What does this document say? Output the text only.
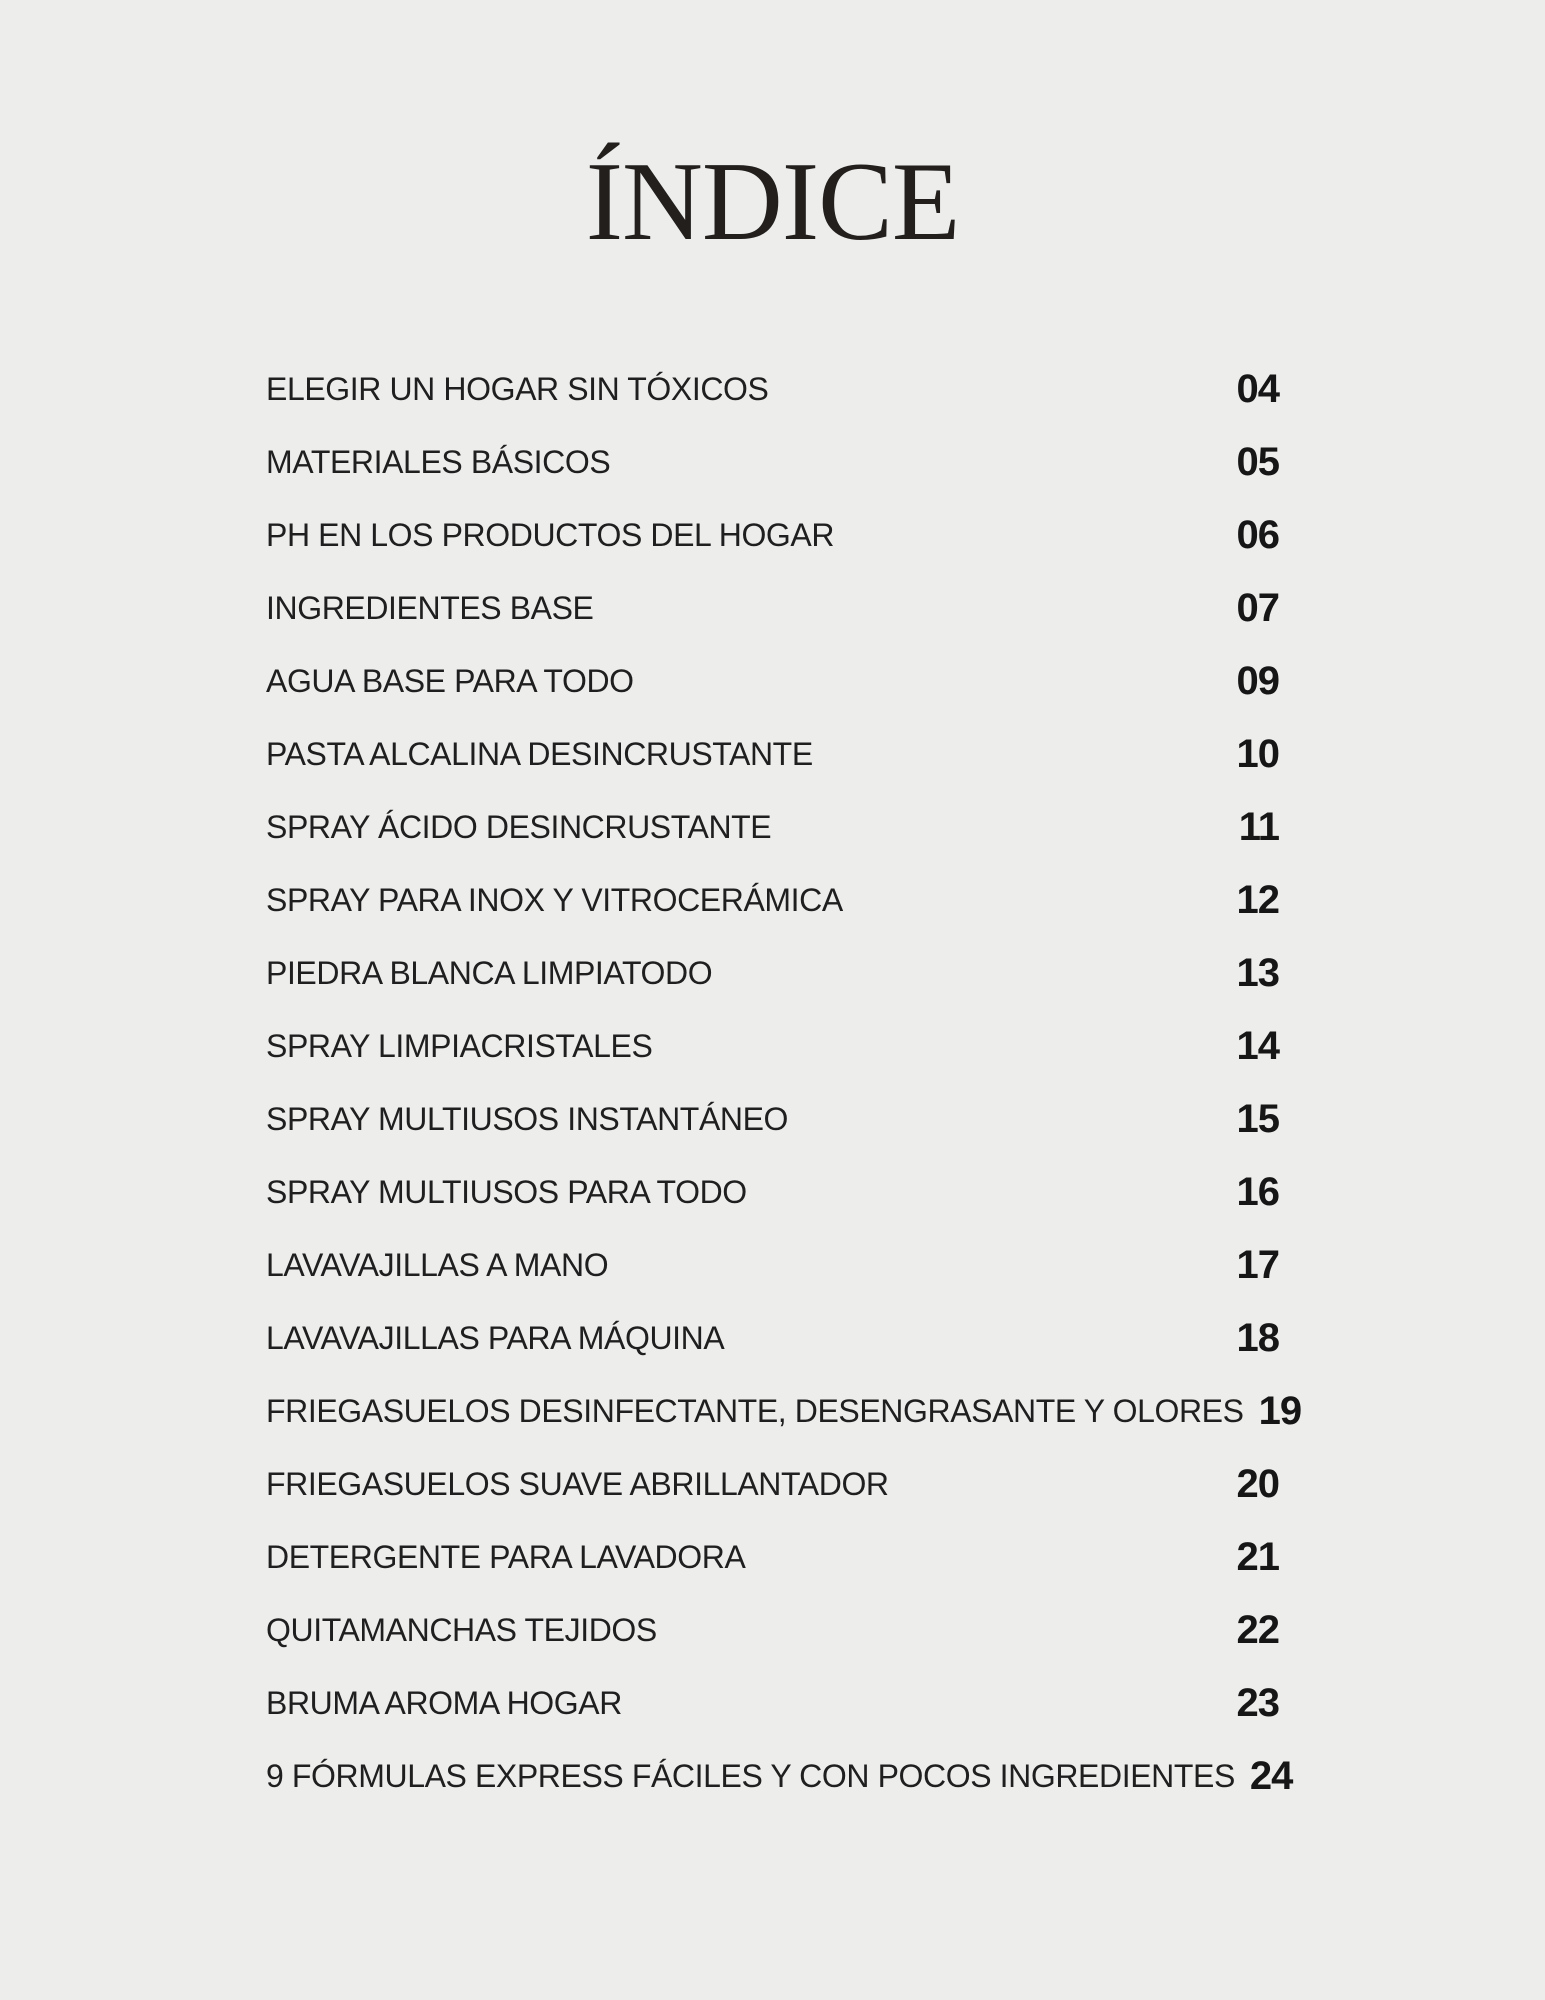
ÍNDICE
ELEGIR UN HOGAR SIN TÓXICOS	04
MATERIALES BÁSICOS	05
PH EN LOS PRODUCTOS DEL HOGAR	06
INGREDIENTES BASE	07
AGUA BASE PARA TODO	09
PASTA ALCALINA DESINCRUSTANTE	10
SPRAY ÁCIDO DESINCRUSTANTE	11
SPRAY PARA INOX Y VITROCERÁMICA	12
PIEDRA BLANCA LIMPIATODO	13
SPRAY LIMPIACRISTALES	14
SPRAY MULTIUSOS INSTANTÁNEO	15
SPRAY MULTIUSOS PARA TODO	16
LAVAVAJILLAS A MANO	17
LAVAVAJILLAS PARA MÁQUINA	18
FRIEGASUELOS DESINFECTANTE, DESENGRASANTE Y OLORES 19
FRIEGASUELOS SUAVE ABRILLANTADOR	20
DETERGENTE PARA LAVADORA	21
QUITAMANCHAS TEJIDOS	22
BRUMA AROMA HOGAR	23
9 FÓRMULAS EXPRESS FÁCILES Y CON POCOS INGREDIENTES 24
